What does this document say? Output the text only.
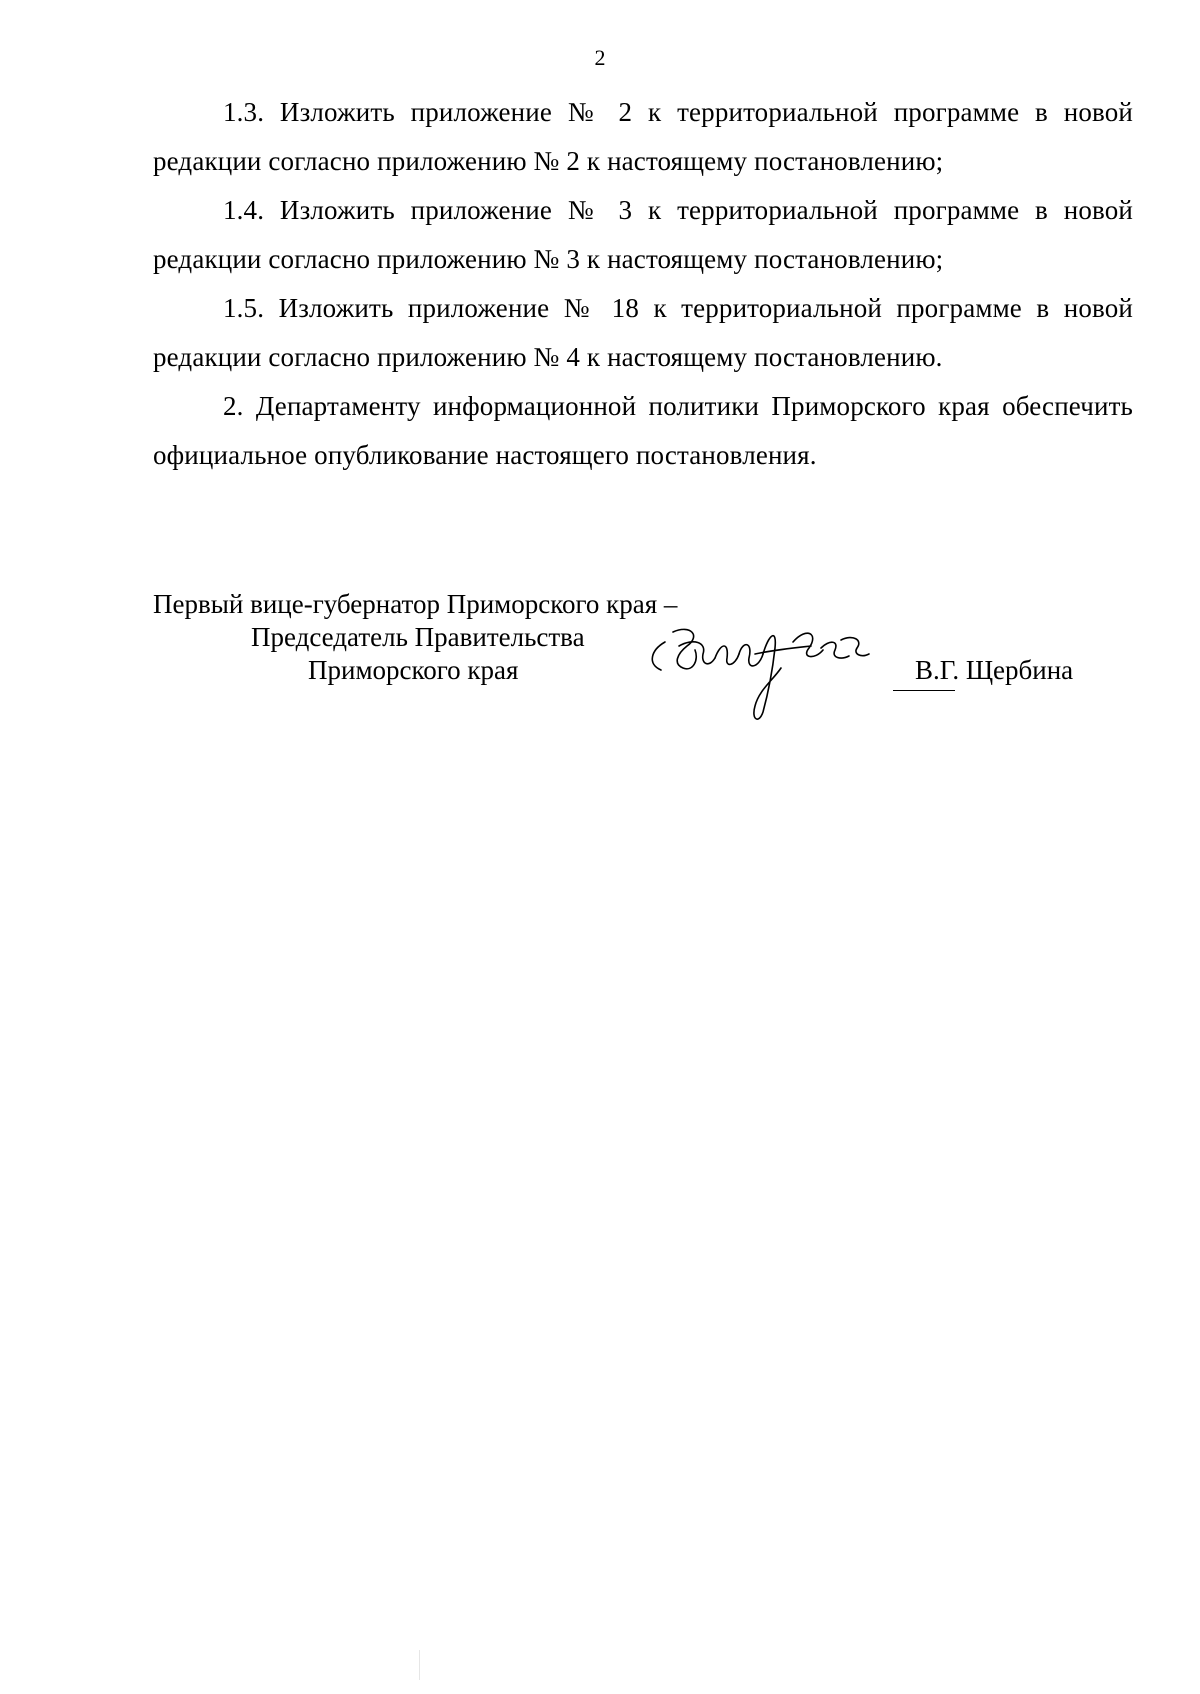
2

1.3. Изложить приложение № 2 к территориальной программе в новой редакции согласно приложению № 2 к настоящему постановлению;

1.4. Изложить приложение № 3 к территориальной программе в новой редакции согласно приложению № 3 к настоящему постановлению;

1.5. Изложить приложение № 18 к территориальной программе в новой редакции согласно приложению № 4 к настоящему постановлению.

2. Департаменту информационной политики Приморского края обеспечить официальное опубликование настоящего постановления.

Первый вице-губернатор Приморского края –
Председатель Правительства
Приморского края	В.Г. Щербина
